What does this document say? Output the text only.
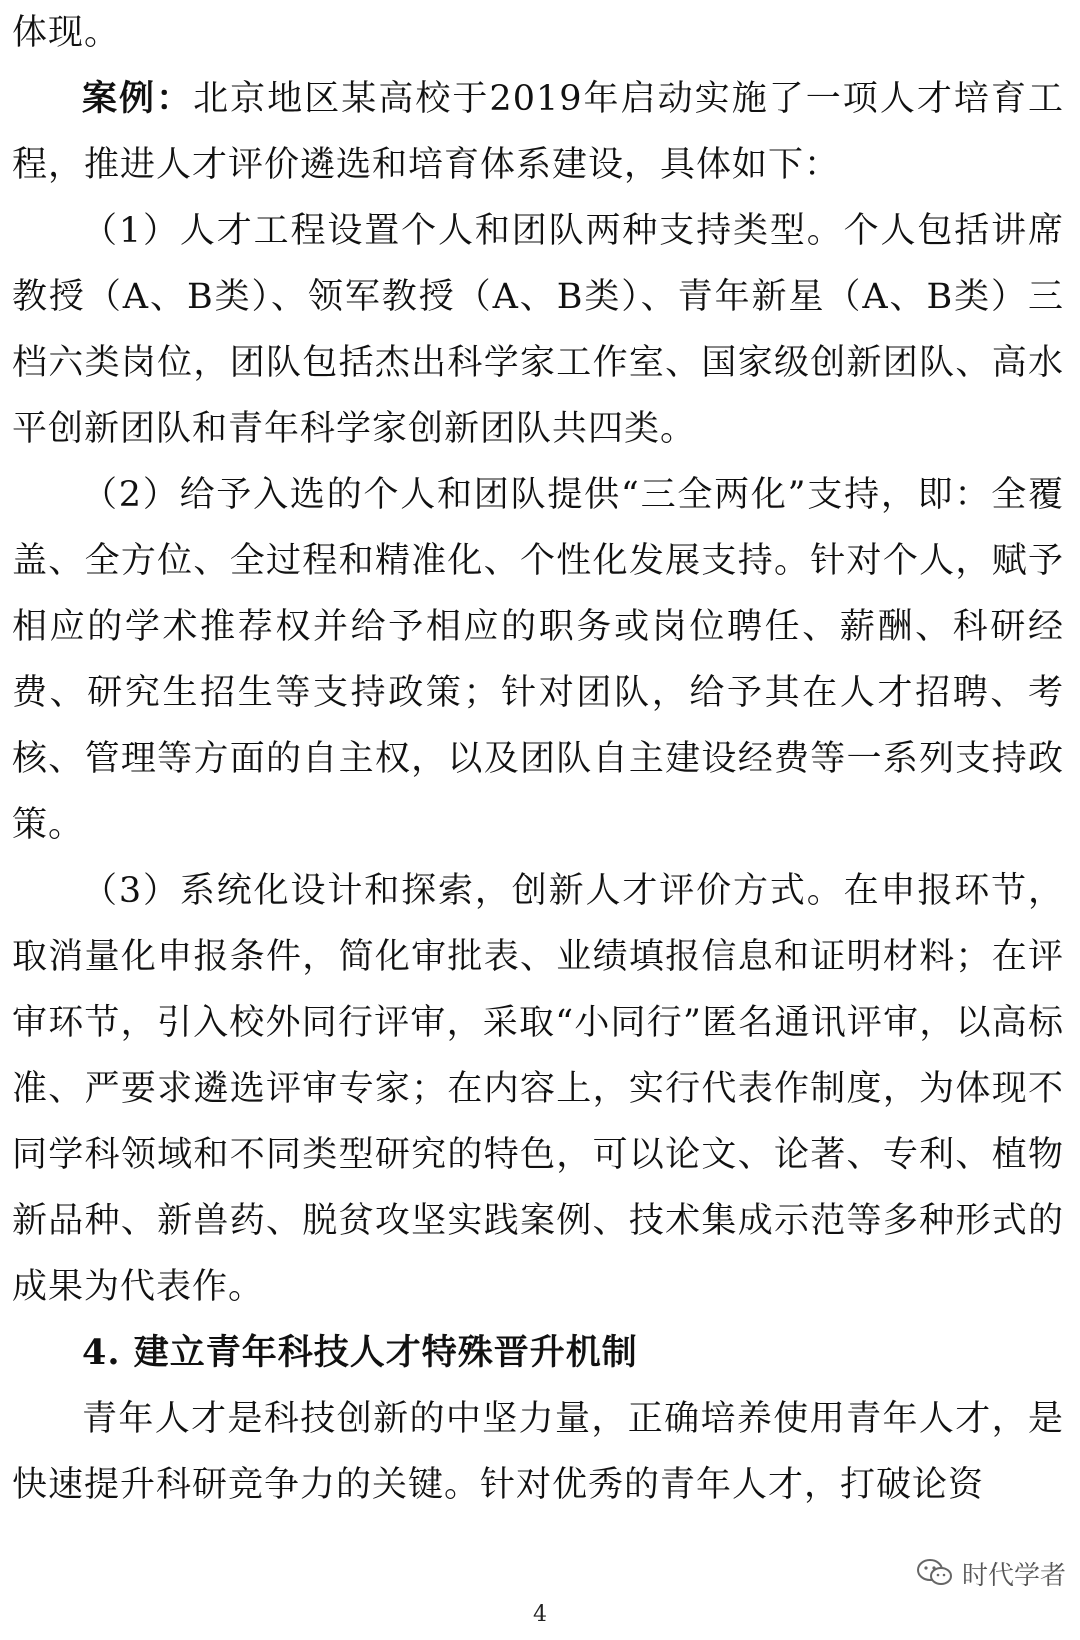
体现。

案例：北京地区某高校于2019年启动实施了一项人才培育工程，推进人才评价遴选和培育体系建设，具体如下：

（1）人才工程设置个人和团队两种支持类型。个人包括讲席教授（A、B类）、领军教授（A、B类）、青年新星（A、B类）三档六类岗位，团队包括杰出科学家工作室、国家级创新团队、高水平创新团队和青年科学家创新团队共四类。

（2）给予入选的个人和团队提供“三全两化”支持，即：全覆盖、全方位、全过程和精准化、个性化发展支持。针对个人，赋予相应的学术推荐权并给予相应的职务或岗位聘任、薪酬、科研经费、研究生招生等支持政策；针对团队，给予其在人才招聘、考核、管理等方面的自主权，以及团队自主建设经费等一系列支持政策。

（3）系统化设计和探索，创新人才评价方式。在申报环节，取消量化申报条件，简化审批表、业绩填报信息和证明材料；在评审环节，引入校外同行评审，采取“小同行”匿名通讯评审，以高标准、严要求遴选评审专家；在内容上，实行代表作制度，为体现不同学科领域和不同类型研究的特色，可以论文、论著、专利、植物新品种、新兽药、脱贫攻坚实践案例、技术集成示范等多种形式的成果为代表作。

4. 建立青年科技人才特殊晋升机制

青年人才是科技创新的中坚力量，正确培养使用青年人才，是快速提升科研竞争力的关键。针对优秀的青年人才，打破论资

时代学者
4
